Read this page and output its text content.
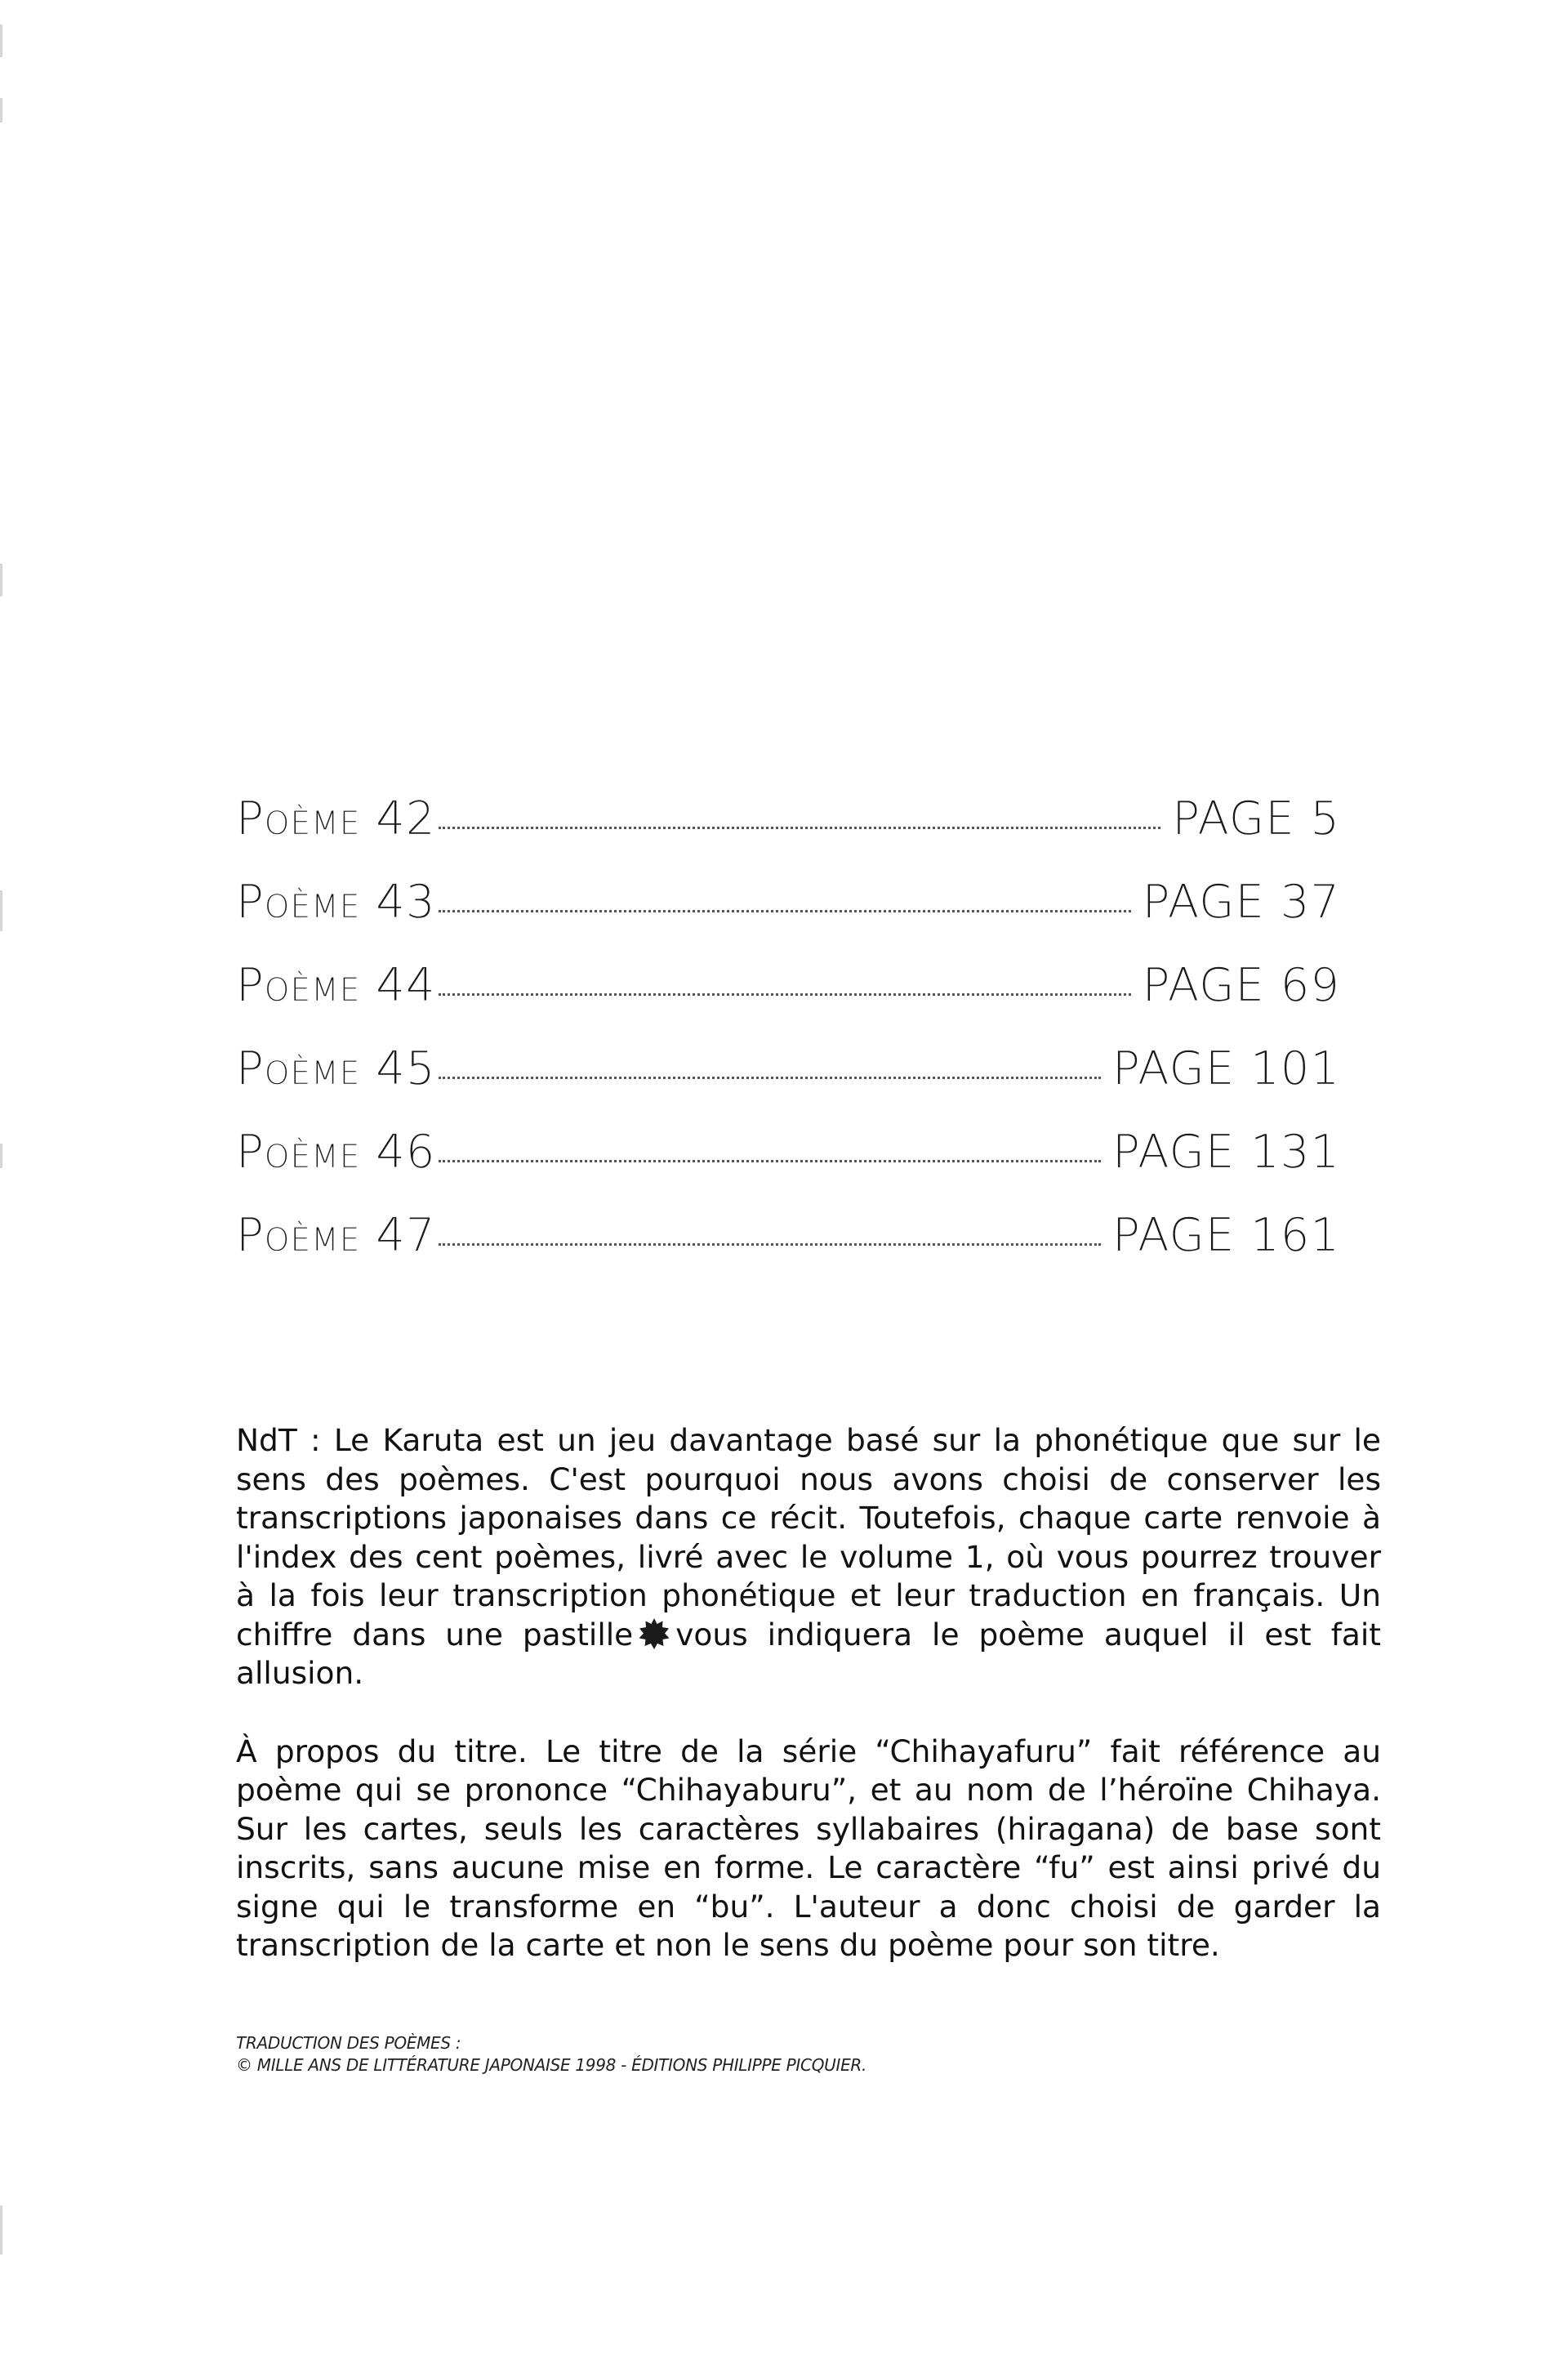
Poème 42	PAGE 5
Poème 43	PAGE 37
Poème 44	PAGE 69
Poème 45	PAGE 101
Poème 46	PAGE 131
Poème 47	PAGE 161

NdT : Le Karuta est un jeu davantage basé sur la phonétique que sur le sens des poèmes. C'est pourquoi nous avons choisi de conserver les transcriptions japonaises dans ce récit. Toutefois, chaque carte renvoie à l'index des cent poèmes, livré avec le volume 1, où vous pourrez trouver à la fois leur transcription phonétique et leur traduction en français. Un chiffre dans une pastille vous indiquera le poème auquel il est fait allusion.

À propos du titre. Le titre de la série “Chihayafuru” fait référence au poème qui se prononce “Chihayaburu”, et au nom de l’héroïne Chihaya. Sur les cartes, seuls les caractères syllabaires (hiragana) de base sont inscrits, sans aucune mise en forme. Le caractère “fu” est ainsi privé du signe qui le transforme en “bu”. L'auteur a donc choisi de garder la transcription de la carte et non le sens du poème pour son titre.

TRADUCTION DES POÈMES :
© MILLE ANS DE LITTÉRATURE JAPONAISE 1998 - ÉDITIONS PHILIPPE PICQUIER.
